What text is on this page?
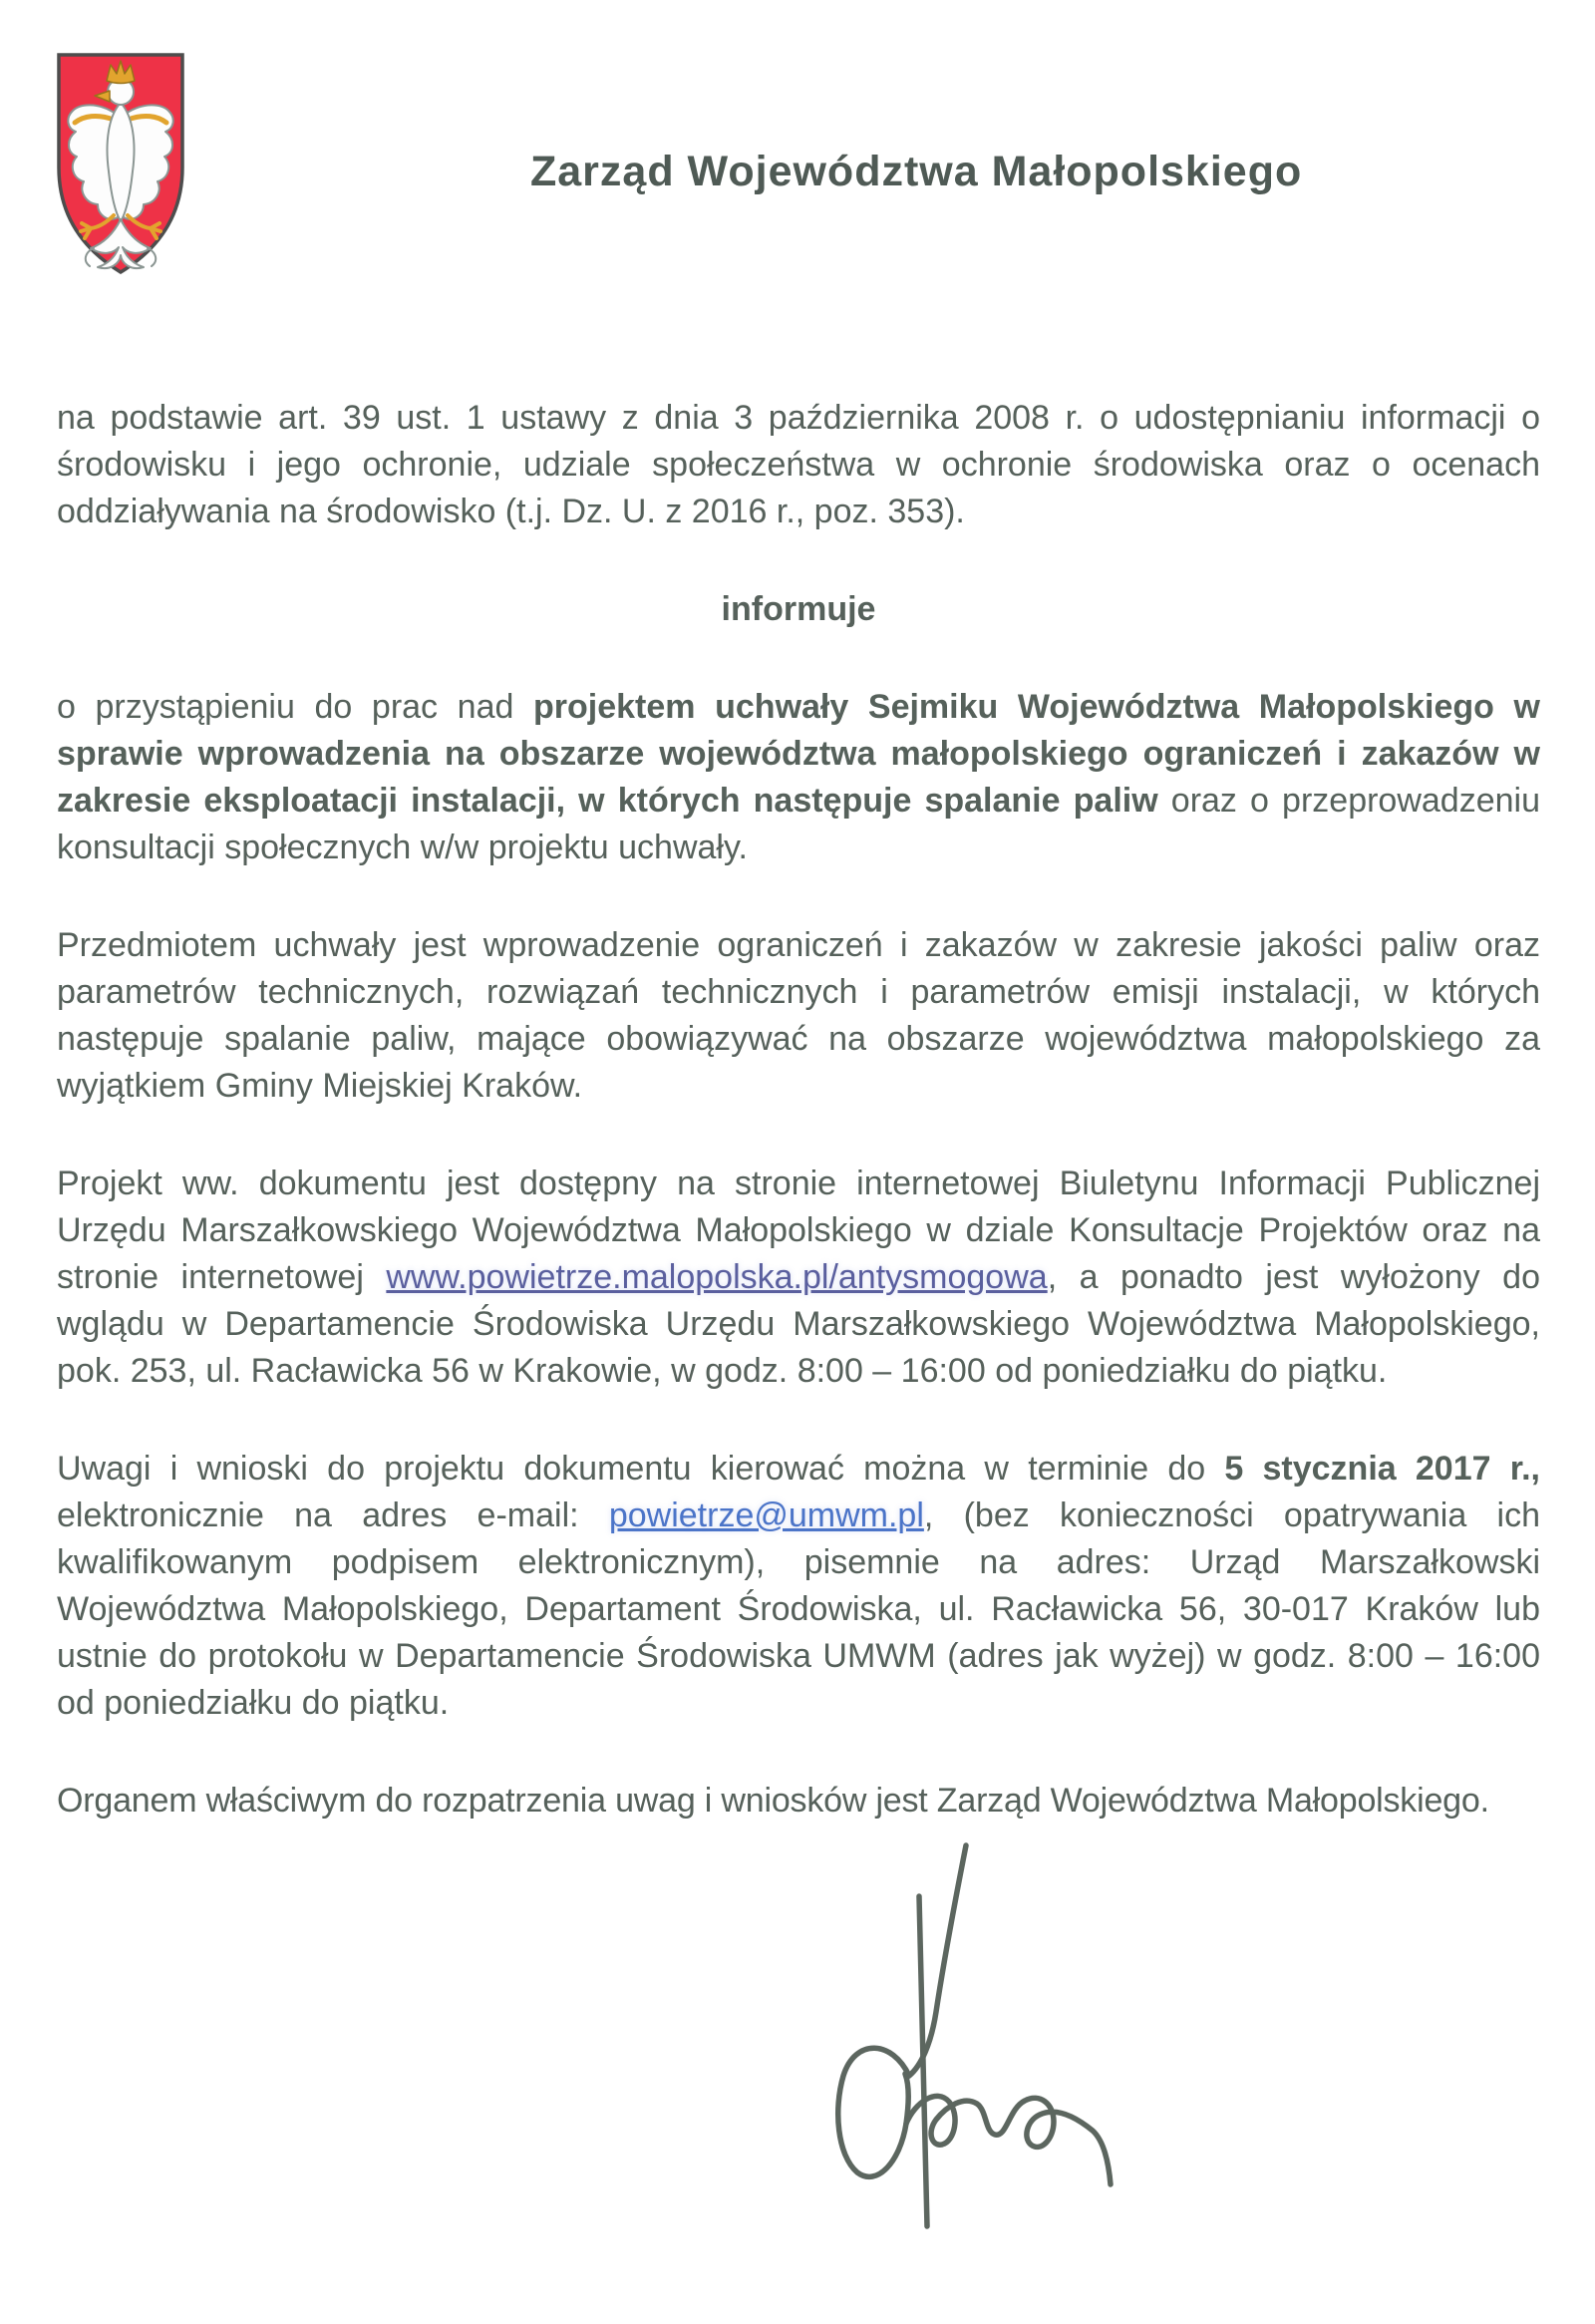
Zarząd Województwa Małopolskiego

na podstawie art. 39 ust. 1 ustawy z dnia 3 października 2008 r. o udostępnianiu informacji o środowisku i jego ochronie, udziale społeczeństwa w ochronie środowiska oraz o ocenach oddziaływania na środowisko (t.j. Dz. U. z 2016 r., poz. 353).

informuje

o przystąpieniu do prac nad projektem uchwały Sejmiku Województwa Małopolskiego w sprawie wprowadzenia na obszarze województwa małopolskiego ograniczeń i zakazów w zakresie eksploatacji instalacji, w których następuje spalanie paliw oraz o przeprowadzeniu konsultacji społecznych w/w projektu uchwały.

Przedmiotem uchwały jest wprowadzenie ograniczeń i zakazów w zakresie jakości paliw oraz parametrów technicznych, rozwiązań technicznych i parametrów emisji instalacji, w których następuje spalanie paliw, mające obowiązywać na obszarze województwa małopolskiego za wyjątkiem Gminy Miejskiej Kraków.

Projekt ww. dokumentu jest dostępny na stronie internetowej Biuletynu Informacji Publicznej Urzędu Marszałkowskiego Województwa Małopolskiego w dziale Konsultacje Projektów oraz na stronie internetowej www.powietrze.malopolska.pl/antysmogowa, a ponadto jest wyłożony do wglądu w Departamencie Środowiska Urzędu Marszałkowskiego Województwa Małopolskiego, pok. 253, ul. Racławicka 56 w Krakowie, w godz. 8:00 – 16:00 od poniedziałku do piątku.

Uwagi i wnioski do projektu dokumentu kierować można w terminie do 5 stycznia 2017 r., elektronicznie na adres e-mail: powietrze@umwm.pl, (bez konieczności opatrywania ich kwalifikowanym podpisem elektronicznym), pisemnie na adres: Urząd Marszałkowski Województwa Małopolskiego, Departament Środowiska, ul. Racławicka 56, 30-017 Kraków lub ustnie do protokołu w Departamencie Środowiska UMWM (adres jak wyżej) w godz. 8:00 – 16:00 od poniedziałku do piątku.

Organem właściwym do rozpatrzenia uwag i wniosków jest Zarząd Województwa Małopolskiego.
